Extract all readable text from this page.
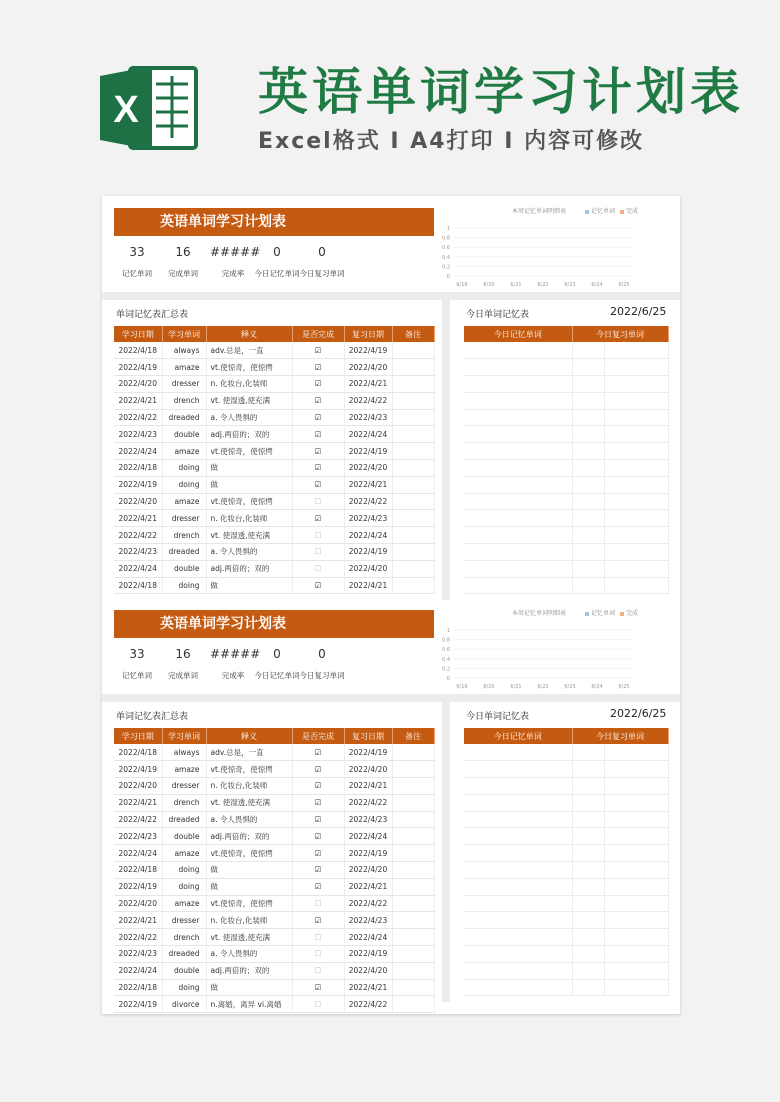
X 英语单词学习计划表
Excel格式 I A4打印 I 内容可修改
英语单词学习计划表
33
记忆单词
16
完成单词
#####
完成率
0
今日记忆单词
0
今日复习单词
1
0.8
0.6
0.4
0.2
0
6/19	6/20	6/21	6/22	6/23	6/24	6/25
本周记忆单词明细表	记忆单词 完成
单词记忆表汇总表
学习日期	学习单词	释义	是否完成	复习日期	备注
2022/4/18	always	adv.总是，一直	☑	2022/4/19	
2022/4/19	amaze	vt.使惊奇，使惊愕	☑	2022/4/20	
2022/4/20	dresser	n. 化妆台,化装师	☑	2022/4/21	
2022/4/21	drench	vt. 使湿透,使充满	☑	2022/4/22	
2022/4/22	dreaded	a. 令人畏惧的	☑	2022/4/23	
2022/4/23	double	adj.两倍的；双的	☑	2022/4/24	
2022/4/24	amaze	vt.使惊奇，使惊愕	☑	2022/4/19	
2022/4/18	doing	做	☑	2022/4/20	
2022/4/19	doing	做	☑	2022/4/21	
2022/4/20	amaze	vt.使惊奇，使惊愕	☐	2022/4/22	
2022/4/21	dresser	n. 化妆台,化装师	☑	2022/4/23	
2022/4/22	drench	vt. 使湿透,使充满	☐	2022/4/24	
2022/4/23	dreaded	a. 令人畏惧的	☐	2022/4/19	
2022/4/24	double	adj.两倍的；双的	☐	2022/4/20	
2022/4/18	doing	做	☑	2022/4/21	
今日单词记忆表	2022/6/25
今日记忆单词	今日复习单词	

英语单词学习计划表
33
记忆单词
16
完成单词
#####
完成率
0
今日记忆单词
0
今日复习单词
1
0.8
0.6
0.4
0.2
0
6/19	6/20	6/21	6/22	6/23	6/24	6/25
本周记忆单词明细表	记忆单词 完成
单词记忆表汇总表
学习日期	学习单词	释义	是否完成	复习日期	备注
2022/4/18	always	adv.总是，一直	☑	2022/4/19	
2022/4/19	amaze	vt.使惊奇，使惊愕	☑	2022/4/20	
2022/4/20	dresser	n. 化妆台,化装师	☑	2022/4/21	
2022/4/21	drench	vt. 使湿透,使充满	☑	2022/4/22	
2022/4/22	dreaded	a. 令人畏惧的	☑	2022/4/23	
2022/4/23	double	adj.两倍的；双的	☑	2022/4/24	
2022/4/24	amaze	vt.使惊奇，使惊愕	☑	2022/4/19	
2022/4/18	doing	做	☑	2022/4/20	
2022/4/19	doing	做	☑	2022/4/21	
2022/4/20	amaze	vt.使惊奇，使惊愕	☐	2022/4/22	
2022/4/21	dresser	n. 化妆台,化装师	☑	2022/4/23	
2022/4/22	drench	vt. 使湿透,使充满	☐	2022/4/24	
2022/4/23	dreaded	a. 令人畏惧的	☐	2022/4/19	
2022/4/24	double	adj.两倍的；双的	☐	2022/4/20	
2022/4/18	doing	做	☑	2022/4/21	
2022/4/19	divorce	n.离婚，离异 vi.离婚	☐	2022/4/22	
今日单词记忆表	2022/6/25
今日记忆单词	今日复习单词	
